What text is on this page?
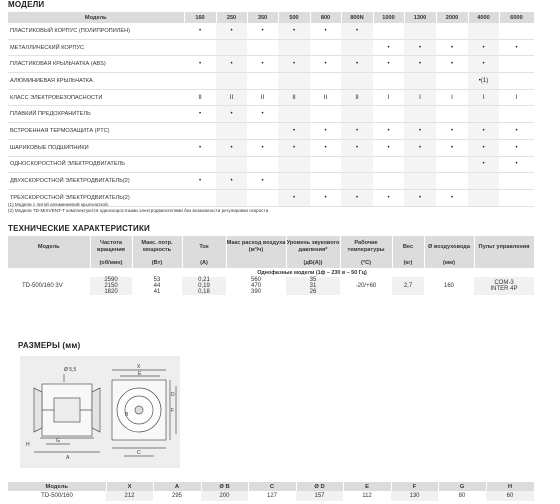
МОДЕЛИ
Модель	160	250	350	500	800	800N	1000	1300	2000	4000	6000
ПЛАСТИКОВЫЙ КОРПУС (ПОЛИПРОПИЛЕН)	•	•	•	•	•	•					
МЕТАЛЛИЧЕСКИЙ КОРПУС							•	•	•	•	•
ПЛАСТИКОВАЯ КРЫЛЬЧАТКА (ABS)	•	•	•	•	•	•	•	•	•	•	
АЛЮМИНИЕВАЯ КРЫЛЬЧАТКА										•(1)	
КЛАСС ЭЛЕКТРОБЕЗОПАСНОСТИ	II	II	II	II	II	II	I	I	I	I	I
ПЛАВКИЙ ПРЕДОХРАНИТЕЛЬ	•	•	•								
ВСТРОЕННАЯ ТЕРМОЗАЩИТА (PTC)				•	•	•	•	•	•	•	•
ШАРИКОВЫЕ ПОДШИПНИКИ	•	•	•	•	•	•	•	•	•	•	•
ОДНОСКОРОСТНОЙ ЭЛЕКТРОДВИГАТЕЛЬ										•	•
ДВУХСКОРОСТНОЙ ЭЛЕКТРОДВИГАТЕЛЬ(2)	•	•	•								
ТРЕХСКОРОСТНОЙ ЭЛЕКТРОДВИГАТЕЛЬ(2)				•	•	•	•	•	•		
(1) Модели с литой алюминиевой крыльчаткой.
(2) Модели TD-MIXVENT-T комплектуются односкоростными электродвигателями без возможности регулировки скорости.
ТЕХНИЧЕСКИЕ ХАРАКТЕРИСТИКИ
Модель	Частота вращения	Макс. потр. мощность	Ток	Макс расход воздуха (м³/ч)	Уровень звукового давления*	Рабочие температуры	Вес	Ø воздуховода	Пульт управления
	(об/мин)	(Вт)	(А)		(дБ(А))	(°С)	(кг)	(мм)	
	Однофазные модели (1ф – 230 в – 50 Гц)								
TD-500/160 3V	2590	53	0,21	560	35	-20/+60	2,7	160	COM-3
INTER 4P

	2150	44	0,19	470	31				
	1820	41	0,18	390	26				
РАЗМЕРЫ (мм)
Ø 5,5	X
E
D
B
F
C
H
G
A
Модель	X	A	Ø B	C	Ø D	E	F	G	H
TD-500/160	212	295	200	127	157	112	130	80	60
